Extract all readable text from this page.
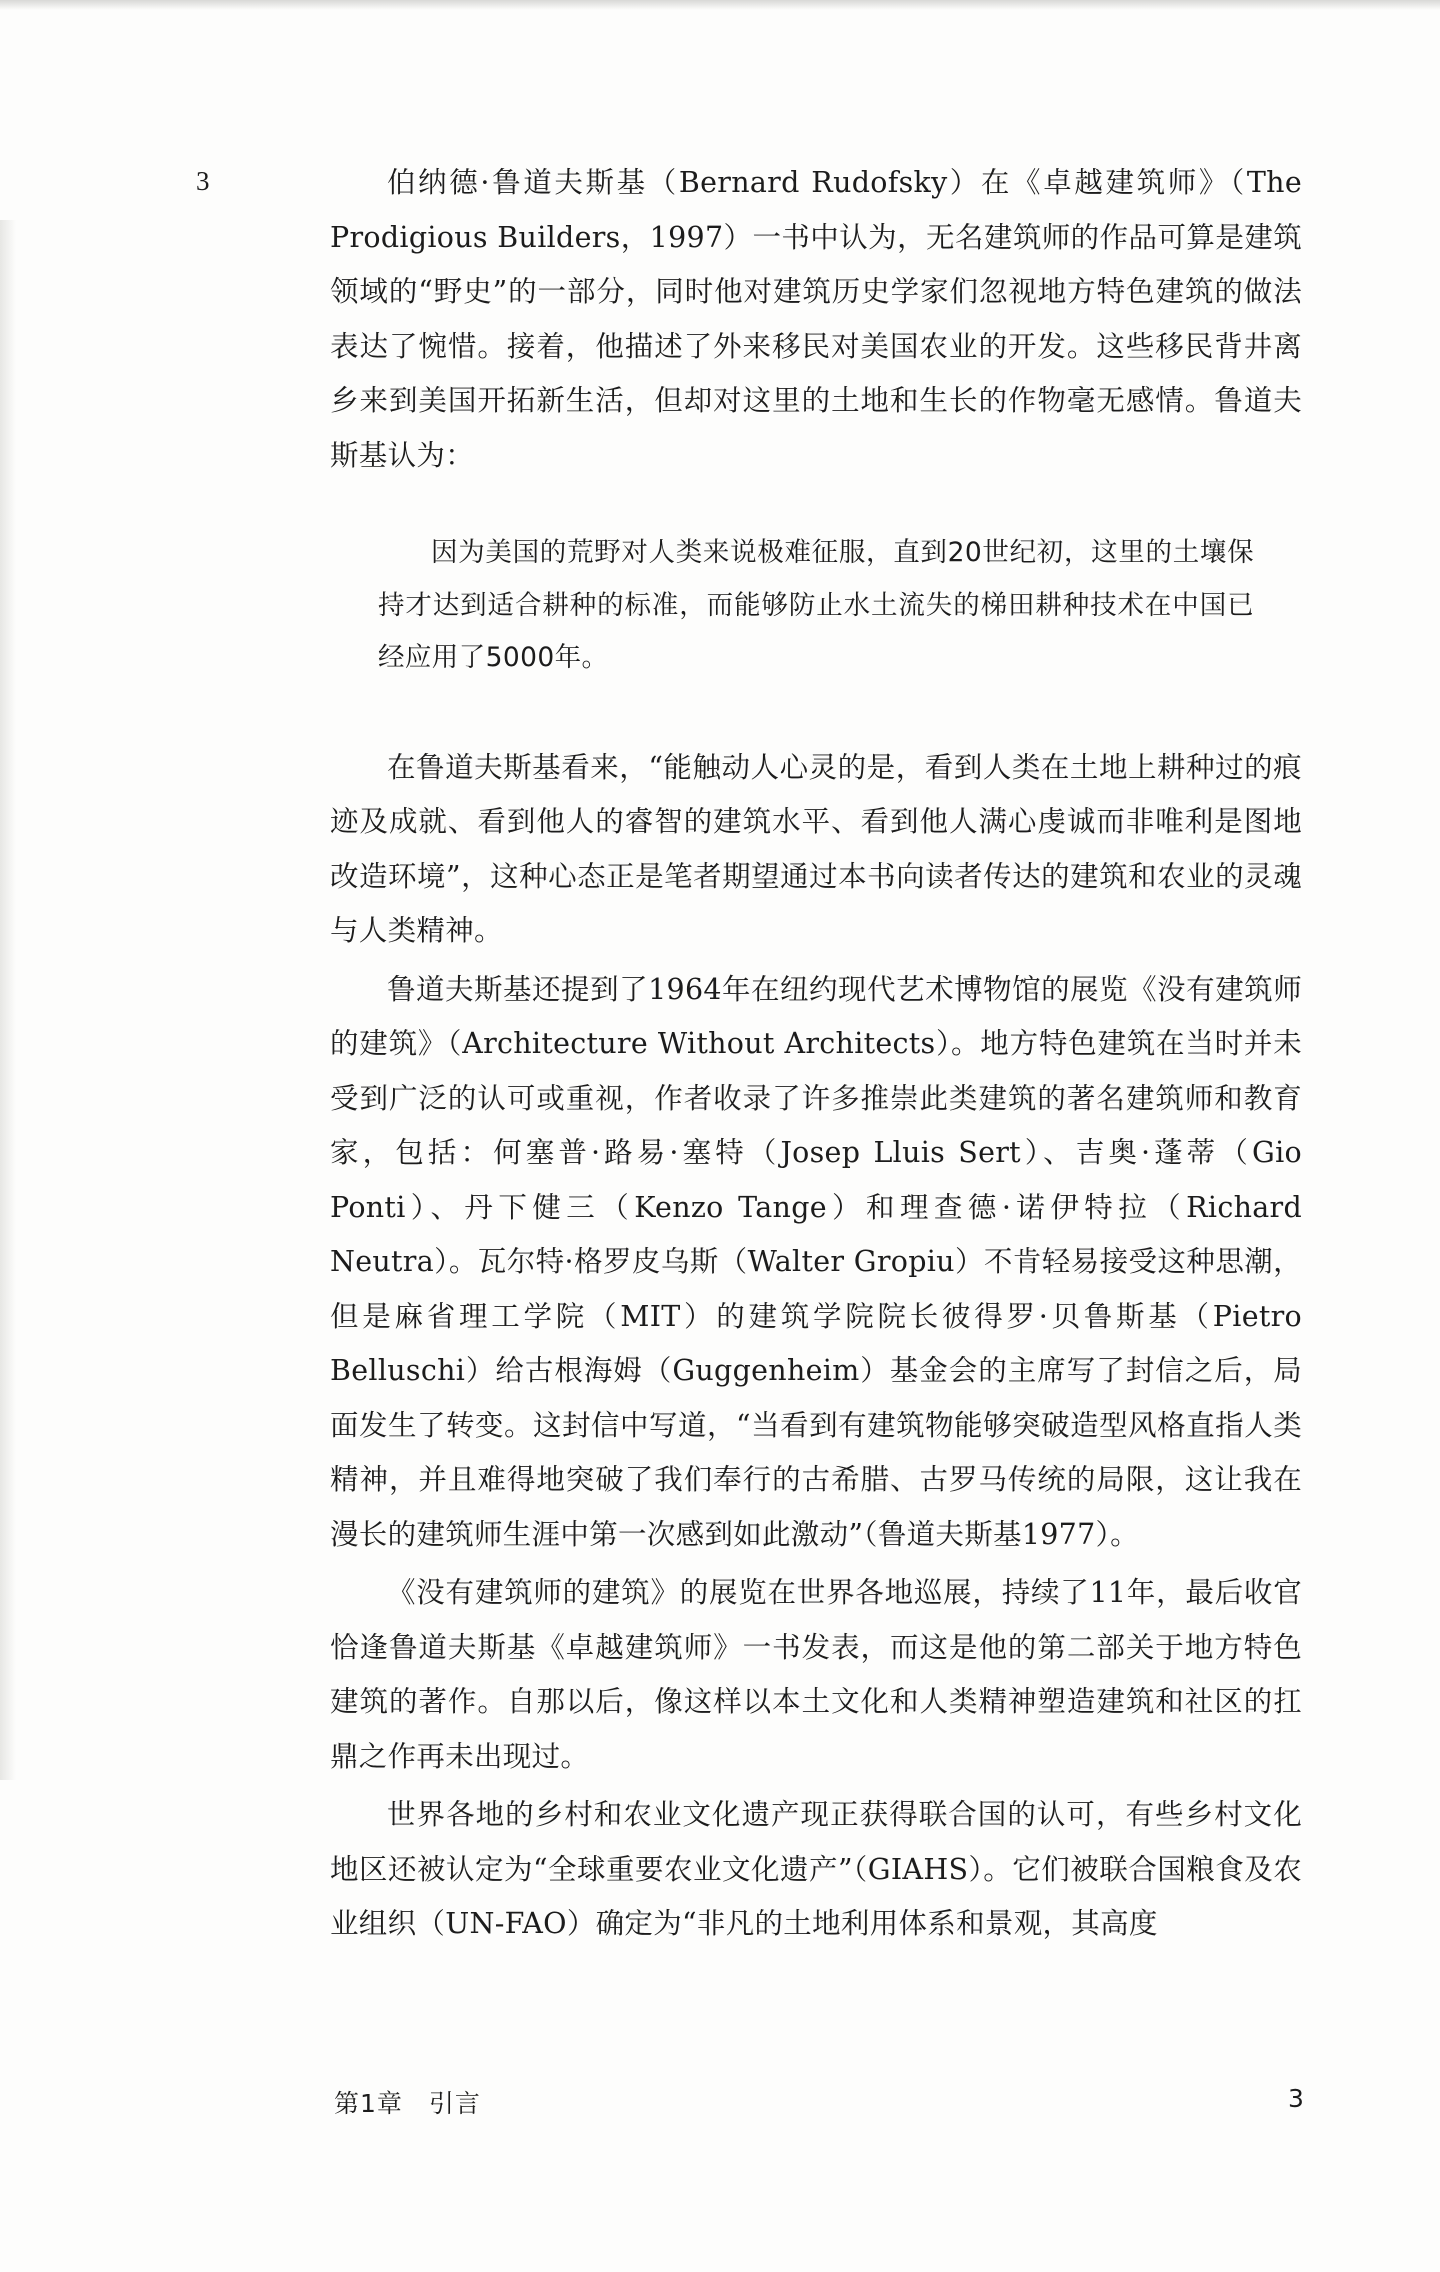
3	伯纳德·鲁道夫斯基（Bernard Rudofsky）在《卓越建筑师》（The Prodigious Builders，1997）一书中认为，无名建筑师的作品可算是建筑领域的“野史”的一部分，同时他对建筑历史学家们忽视地方特色建筑的做法表达了惋惜。接着，他描述了外来移民对美国农业的开发。这些移民背井离乡来到美国开拓新生活，但却对这里的土地和生长的作物毫无感情。鲁道夫斯基认为：

因为美国的荒野对人类来说极难征服，直到20世纪初，这里的土壤保持才达到适合耕种的标准，而能够防止水土流失的梯田耕种技术在中国已经应用了5000年。

在鲁道夫斯基看来，“能触动人心灵的是，看到人类在土地上耕种过的痕迹及成就、看到他人的睿智的建筑水平、看到他人满心虔诚而非唯利是图地改造环境”，这种心态正是笔者期望通过本书向读者传达的建筑和农业的灵魂与人类精神。

鲁道夫斯基还提到了1964年在纽约现代艺术博物馆的展览《没有建筑师的建筑》（Architecture Without Architects）。地方特色建筑在当时并未受到广泛的认可或重视，作者收录了许多推崇此类建筑的著名建筑师和教育家，包括：何塞普·路易·塞特（Josep Lluis Sert）、吉奥·蓬蒂（Gio Ponti）、丹下健三（Kenzo Tange）和理查德·诺伊特拉（Richard Neutra）。瓦尔特·格罗皮乌斯（Walter Gropiu）不肯轻易接受这种思潮，但是麻省理工学院（MIT）的建筑学院院长彼得罗·贝鲁斯基（Pietro Belluschi）给古根海姆（Guggenheim）基金会的主席写了封信之后，局面发生了转变。这封信中写道，“当看到有建筑物能够突破造型风格直指人类精神，并且难得地突破了我们奉行的古希腊、古罗马传统的局限，这让我在漫长的建筑师生涯中第一次感到如此激动”（鲁道夫斯基1977）。

《没有建筑师的建筑》的展览在世界各地巡展，持续了11年，最后收官恰逢鲁道夫斯基《卓越建筑师》一书发表，而这是他的第二部关于地方特色建筑的著作。自那以后，像这样以本土文化和人类精神塑造建筑和社区的扛鼎之作再未出现过。

世界各地的乡村和农业文化遗产现正获得联合国的认可，有些乡村文化地区还被认定为“全球重要农业文化遗产”（GIAHS）。它们被联合国粮食及农业组织（UN-FAO）确定为“非凡的土地利用体系和景观，其高度

第1章　引言	3
